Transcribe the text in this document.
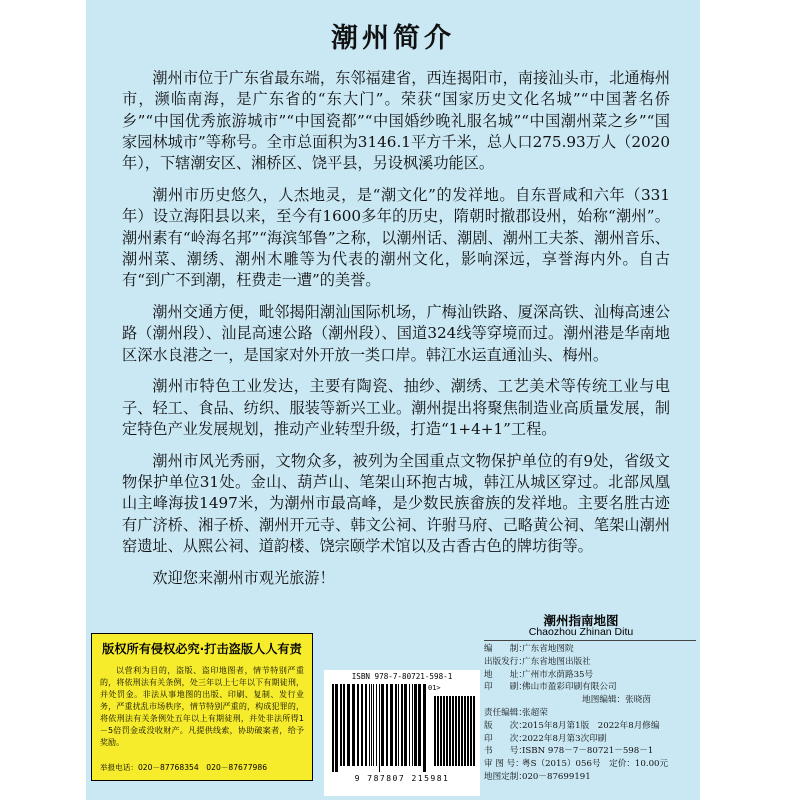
潮州简介

潮州市位于广东省最东端，东邻福建省，西连揭阳市，南接汕头市，北通梅州市，濒临南海，是广东省的“东大门”。荣获“国家历史文化名城”“中国著名侨乡”“中国优秀旅游城市”“中国瓷都”“中国婚纱晚礼服名城”“中国潮州菜之乡”“国家园林城市”等称号。全市总面积为3146.1平方千米，总人口275.93万人（2020年），下辖潮安区、湘桥区、饶平县，另设枫溪功能区。

潮州市历史悠久，人杰地灵，是“潮文化”的发祥地。自东晋咸和六年（331年）设立海阳县以来，至今有1600多年的历史，隋朝时撤郡设州，始称“潮州”。潮州素有“岭海名邦”“海滨邹鲁”之称，以潮州话、潮剧、潮州工夫茶、潮州音乐、潮州菜、潮绣、潮州木雕等为代表的潮州文化，影响深远，享誉海内外。自古有“到广不到潮，枉费走一遭”的美誉。

潮州交通方便，毗邻揭阳潮汕国际机场，广梅汕铁路、厦深高铁、汕梅高速公路（潮州段）、汕昆高速公路（潮州段）、国道324线等穿境而过。潮州港是华南地区深水良港之一，是国家对外开放一类口岸。韩江水运直通汕头、梅州。

潮州市特色工业发达，主要有陶瓷、抽纱、潮绣、工艺美术等传统工业与电子、轻工、食品、纺织、服装等新兴工业。潮州提出将聚焦制造业高质量发展，制定特色产业发展规划，推动产业转型升级，打造“1+4+1”工程。

潮州市风光秀丽，文物众多，被列为全国重点文物保护单位的有9处，省级文物保护单位31处。金山、葫芦山、笔架山环抱古城，韩江从城区穿过。北部凤凰山主峰海拔1497米，为潮州市最高峰，是少数民族畲族的发祥地。主要名胜古迹有广济桥、湘子桥、潮州开元寺、韩文公祠、许驸马府、己略黄公祠、笔架山潮州窑遗址、从熙公祠、道韵楼、饶宗颐学术馆以及古香古色的牌坊街等。

欢迎您来潮州市观光旅游！

版权所有侵权必究·打击盗版人人有责
以营利为目的，盗版、盗印地图者，情节特别严重的，将依刑法有关条例，处三年以上七年以下有期徒刑，并处罚金。非法从事地图的出版、印刷、复制、发行业务，严重扰乱市场秩序，情节特别严重的，构成犯罪的，将依刑法有关条例处五年以上有期徒刑，并处非法所得1－5倍罚金或没收财产。凡提供线索，协助破案者，给予奖励。
举报电话：020－87768354　020－87677986
ISBN 978-7-80721-598-1
01>
9 787807 215981
潮州指南地图
Chaozhou Zhinan Ditu
编　　制：广东省地图院
出版发行：广东省地图出版社
地　　址：广州市水荫路35号
印　　刷：佛山市盈彩印刷有限公司
　　　　　　　地图编辑：张晓茵
责任编辑：张超荣
版　　次：2015年8月第1版　2022年8月修编
印　　次：2022年8月第3次印刷
书　　号：ISBN 978－7－80721－598－1
审 图 号：粤S（2015）056号　定价：10.00元
地图定制：020－87699191
